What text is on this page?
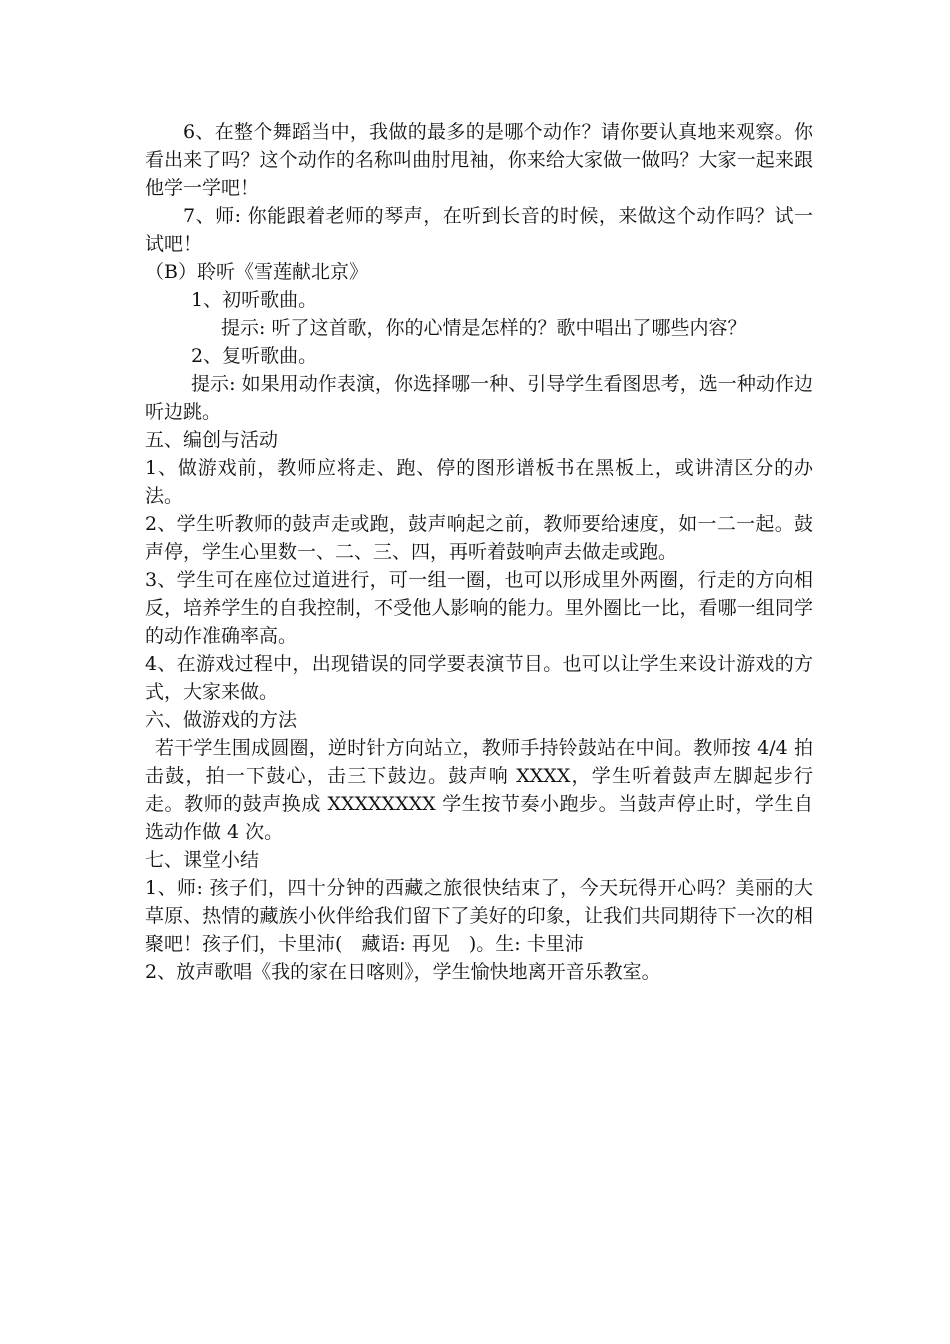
6、在整个舞蹈当中，我做的最多的是哪个动作？请你要认真地来观察。你看出来了吗？这个动作的名称叫曲肘甩袖，你来给大家做一做吗？大家一起来跟他学一学吧！

7、师: 你能跟着老师的琴声，在听到长音的时候，来做这个动作吗？试一试吧！

（B）聆听《雪莲献北京》

1、初听歌曲。

提示: 听了这首歌，你的心情是怎样的？歌中唱出了哪些内容？

2、复听歌曲。

提示: 如果用动作表演，你选择哪一种、引导学生看图思考，选一种动作边听边跳。

五、编创与活动

1、做游戏前，教师应将走、跑、停的图形谱板书在黑板上，或讲清区分的办法。

2、学生听教师的鼓声走或跑，鼓声响起之前，教师要给速度，如一二一起。鼓声停，学生心里数一、二、三、四，再听着鼓响声去做走或跑。

3、学生可在座位过道进行，可一组一圈，也可以形成里外两圈，行走的方向相反，培养学生的自我控制，不受他人影响的能力。里外圈比一比，看哪一组同学的动作准确率高。

4、在游戏过程中，出现错误的同学要表演节目。也可以让学生来设计游戏的方式，大家来做。

六、做游戏的方法

若干学生围成圆圈，逆时针方向站立，教师手持铃鼓站在中间。教师按 4/4 拍击鼓，拍一下鼓心，击三下鼓边。鼓声响 XXXX，学生听着鼓声左脚起步行走。教师的鼓声换成 XXXXXXXX 学生按节奏小跑步。当鼓声停止时，学生自选动作做 4 次。

七、课堂小结

1、师: 孩子们，四十分钟的西藏之旅很快结束了，今天玩得开心吗？美丽的大草原、热情的藏族小伙伴给我们留下了美好的印象，让我们共同期待下一次的相聚吧！孩子们，卡里沛(　藏语: 再见　)。生: 卡里沛

2、放声歌唱《我的家在日喀则》，学生愉快地离开音乐教室。
